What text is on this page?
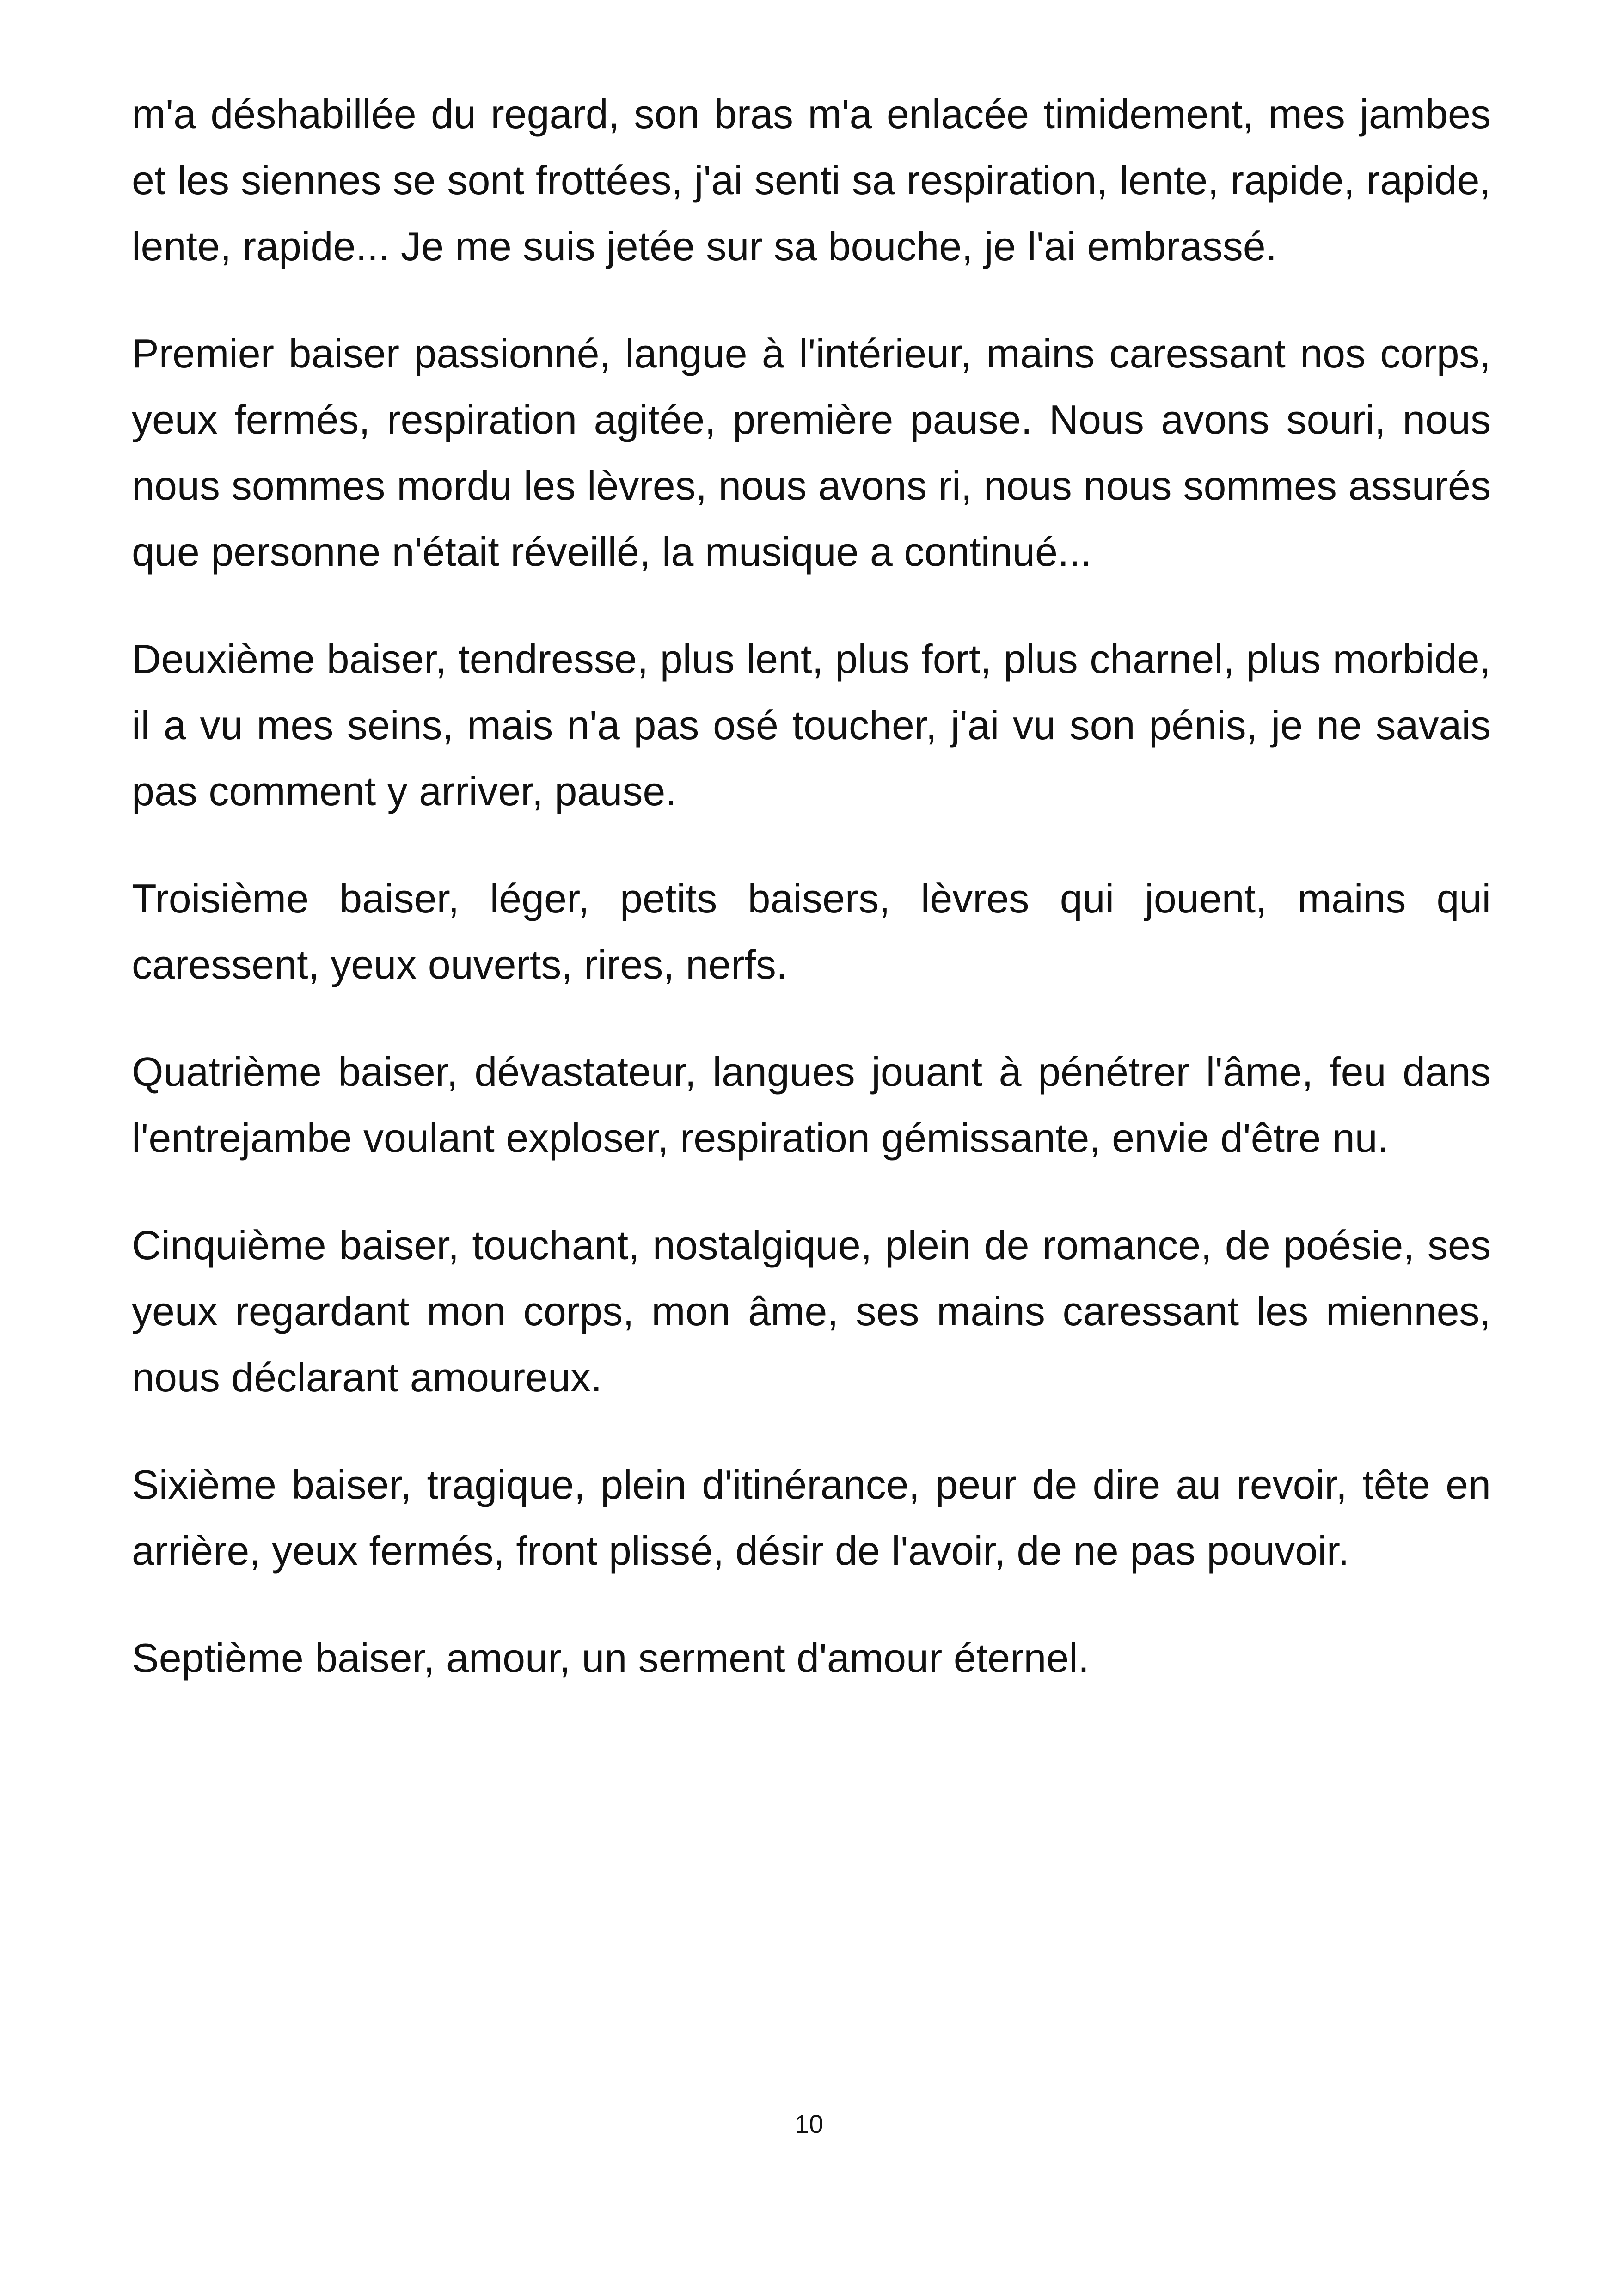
m'a déshabillée du regard, son bras m'a enlacée timidement, mes jambes et les siennes se sont frottées, j'ai senti sa respiration, lente, rapide, rapide, lente, rapide... Je me suis jetée sur sa bouche, je l'ai embrassé.

Premier baiser passionné, langue à l'intérieur, mains caressant nos corps, yeux fermés, respiration agitée, première pause. Nous avons souri, nous nous sommes mordu les lèvres, nous avons ri, nous nous sommes assurés que personne n'était réveillé, la musique a continué...

Deuxième baiser, tendresse, plus lent, plus fort, plus charnel, plus morbide, il a vu mes seins, mais n'a pas osé toucher, j'ai vu son pénis, je ne savais pas comment y arriver, pause.

Troisième baiser, léger, petits baisers, lèvres qui jouent, mains qui caressent, yeux ouverts, rires, nerfs.

Quatrième baiser, dévastateur, langues jouant à pénétrer l'âme, feu dans l'entrejambe voulant exploser, respiration gémissante, envie d'être nu.

Cinquième baiser, touchant, nostalgique, plein de romance, de poésie, ses yeux regardant mon corps, mon âme, ses mains caressant les miennes, nous déclarant amoureux.

Sixième baiser, tragique, plein d'itinérance, peur de dire au revoir, tête en arrière, yeux fermés, front plissé, désir de l'avoir, de ne pas pouvoir.

Septième baiser, amour, un serment d'amour éternel.

10
